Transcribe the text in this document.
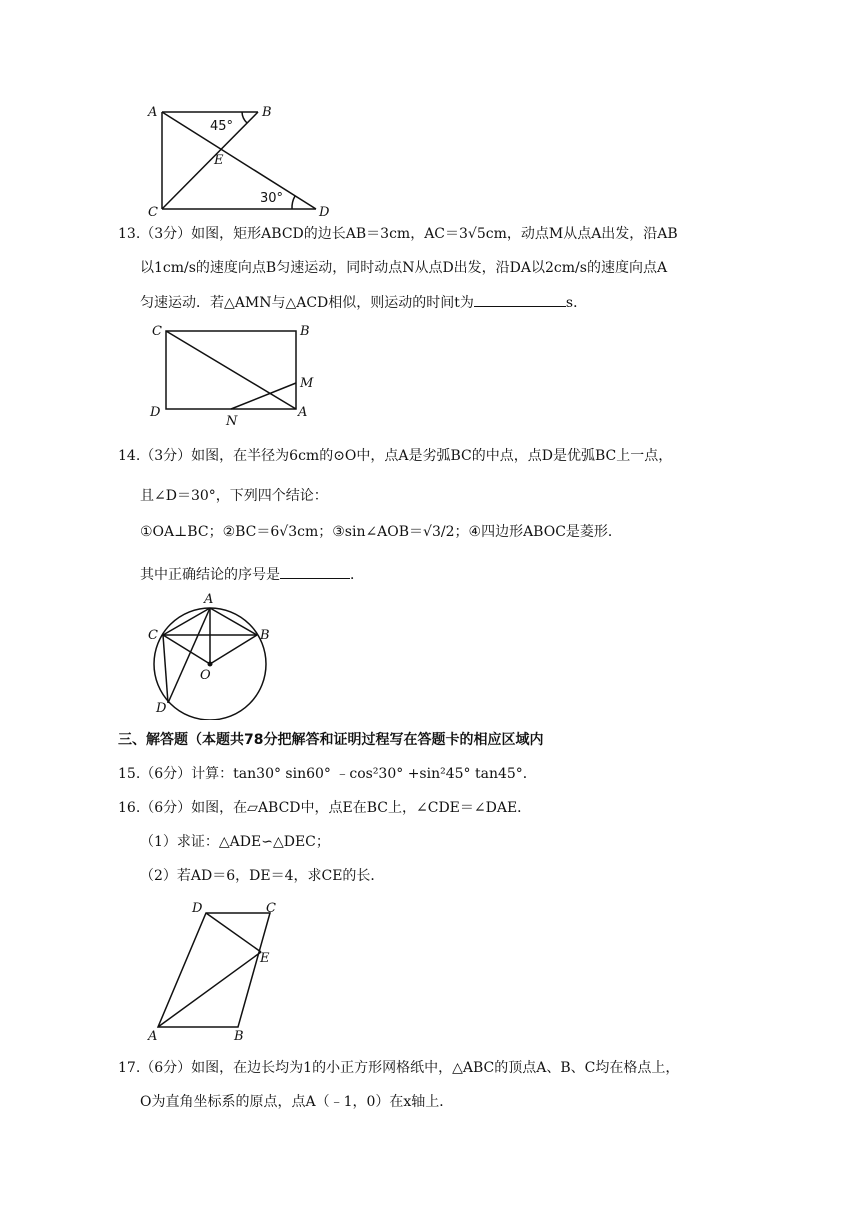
A	B
C	D
E
45°
30°
13.（3分）如图，矩形ABCD的边长AB＝3cm，AC＝3√5cm，动点M从点A出发，沿AB
以1cm/s的速度向点B匀速运动，同时动点N从点D出发，沿DA以2cm/s的速度向点A
匀速运动．若△AMN与△ACD相似，则运动的时间t为	s．
C	B
D	A
M
N
14.（3分）如图，在半径为6cm的⊙O中，点A是劣弧BC的中点，点D是优弧BC上一点，
且∠D＝30°，下列四个结论：
①OA⊥BC；②BC＝6√3cm；③sin∠AOB＝√3/2；④四边形ABOC是菱形．
其中正确结论的序号是	．
A
B
C
D
O
三、解答题（本题共78分把解答和证明过程写在答题卡的相应区域内
15.（6分）计算：tan30° sin60° ﹣cos²30° +sin²45° tan45°．
16.（6分）如图，在▱ABCD中，点E在BC上，∠CDE＝∠DAE．
（1）求证：△ADE∽△DEC；
（2）若AD＝6，DE＝4，求CE的长．
D	C
E
A	B
17.（6分）如图，在边长均为1的小正方形网格纸中，△ABC的顶点A、B、C均在格点上，
O为直角坐标系的原点，点A（﹣1，0）在x轴上．
